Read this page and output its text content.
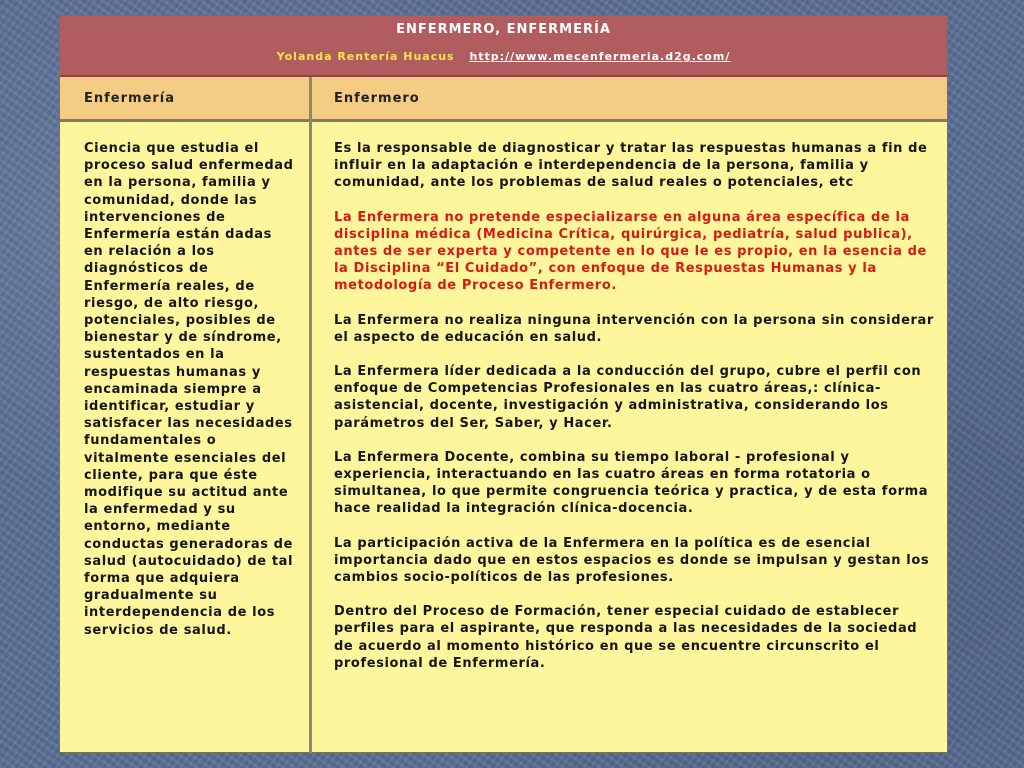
ENFERMERO, ENFERMERÍA
Yolanda Rentería Huacus http://www.mecenfermeria.d2g.com/
Enfermería	Enfermero
Ciencia que estudia el proceso salud enfermedad en la persona, familia y comunidad, donde las intervenciones de Enfermería están dadas en relación a los diagnósticos de Enfermería reales, de riesgo, de alto riesgo, potenciales, posibles de bienestar y de síndrome, sustentados en la respuestas humanas y encaminada siempre a identificar, estudiar y satisfacer las necesidades fundamentales o vitalmente esenciales del cliente, para que éste modifique su actitud ante la enfermedad y su entorno, mediante conductas generadoras de salud (autocuidado) de tal forma que adquiera gradualmente su interdependencia de los servicios de salud.

Es la responsable de diagnosticar y tratar las respuestas humanas a fin de influir en la adaptación e interdependencia de la persona, familia y comunidad, ante los problemas de salud reales o potenciales, etc

La Enfermera no pretende especializarse en alguna área específica de la disciplina médica (Medicina Crítica, quirúrgica, pediatría, salud publica), antes de ser experta y competente en lo que le es propio, en la esencia de la Disciplina “El Cuidado”, con enfoque de Respuestas Humanas y la metodología de Proceso Enfermero.

La Enfermera no realiza ninguna intervención con la persona sin considerar el aspecto de educación en salud.

La Enfermera líder dedicada a la conducción del grupo, cubre el perfil con enfoque de Competencias Profesionales en las cuatro áreas,: clínica-asistencial, docente, investigación y administrativa, considerando los parámetros del Ser, Saber, y Hacer.

La Enfermera Docente, combina su tiempo laboral - profesional y experiencia, interactuando en las cuatro áreas en forma rotatoria o simultanea, lo que permite congruencia teórica y practica, y de esta forma hace realidad la integración clínica-docencia.

La participación activa de la Enfermera en la política es de esencial importancia dado que en estos espacios es donde se impulsan y gestan los cambios socio-políticos de las profesiones.

Dentro del Proceso de Formación, tener especial cuidado de establecer perfiles para el aspirante, que responda a las necesidades de la sociedad de acuerdo al momento histórico en que se encuentre circunscrito el profesional de Enfermería.
